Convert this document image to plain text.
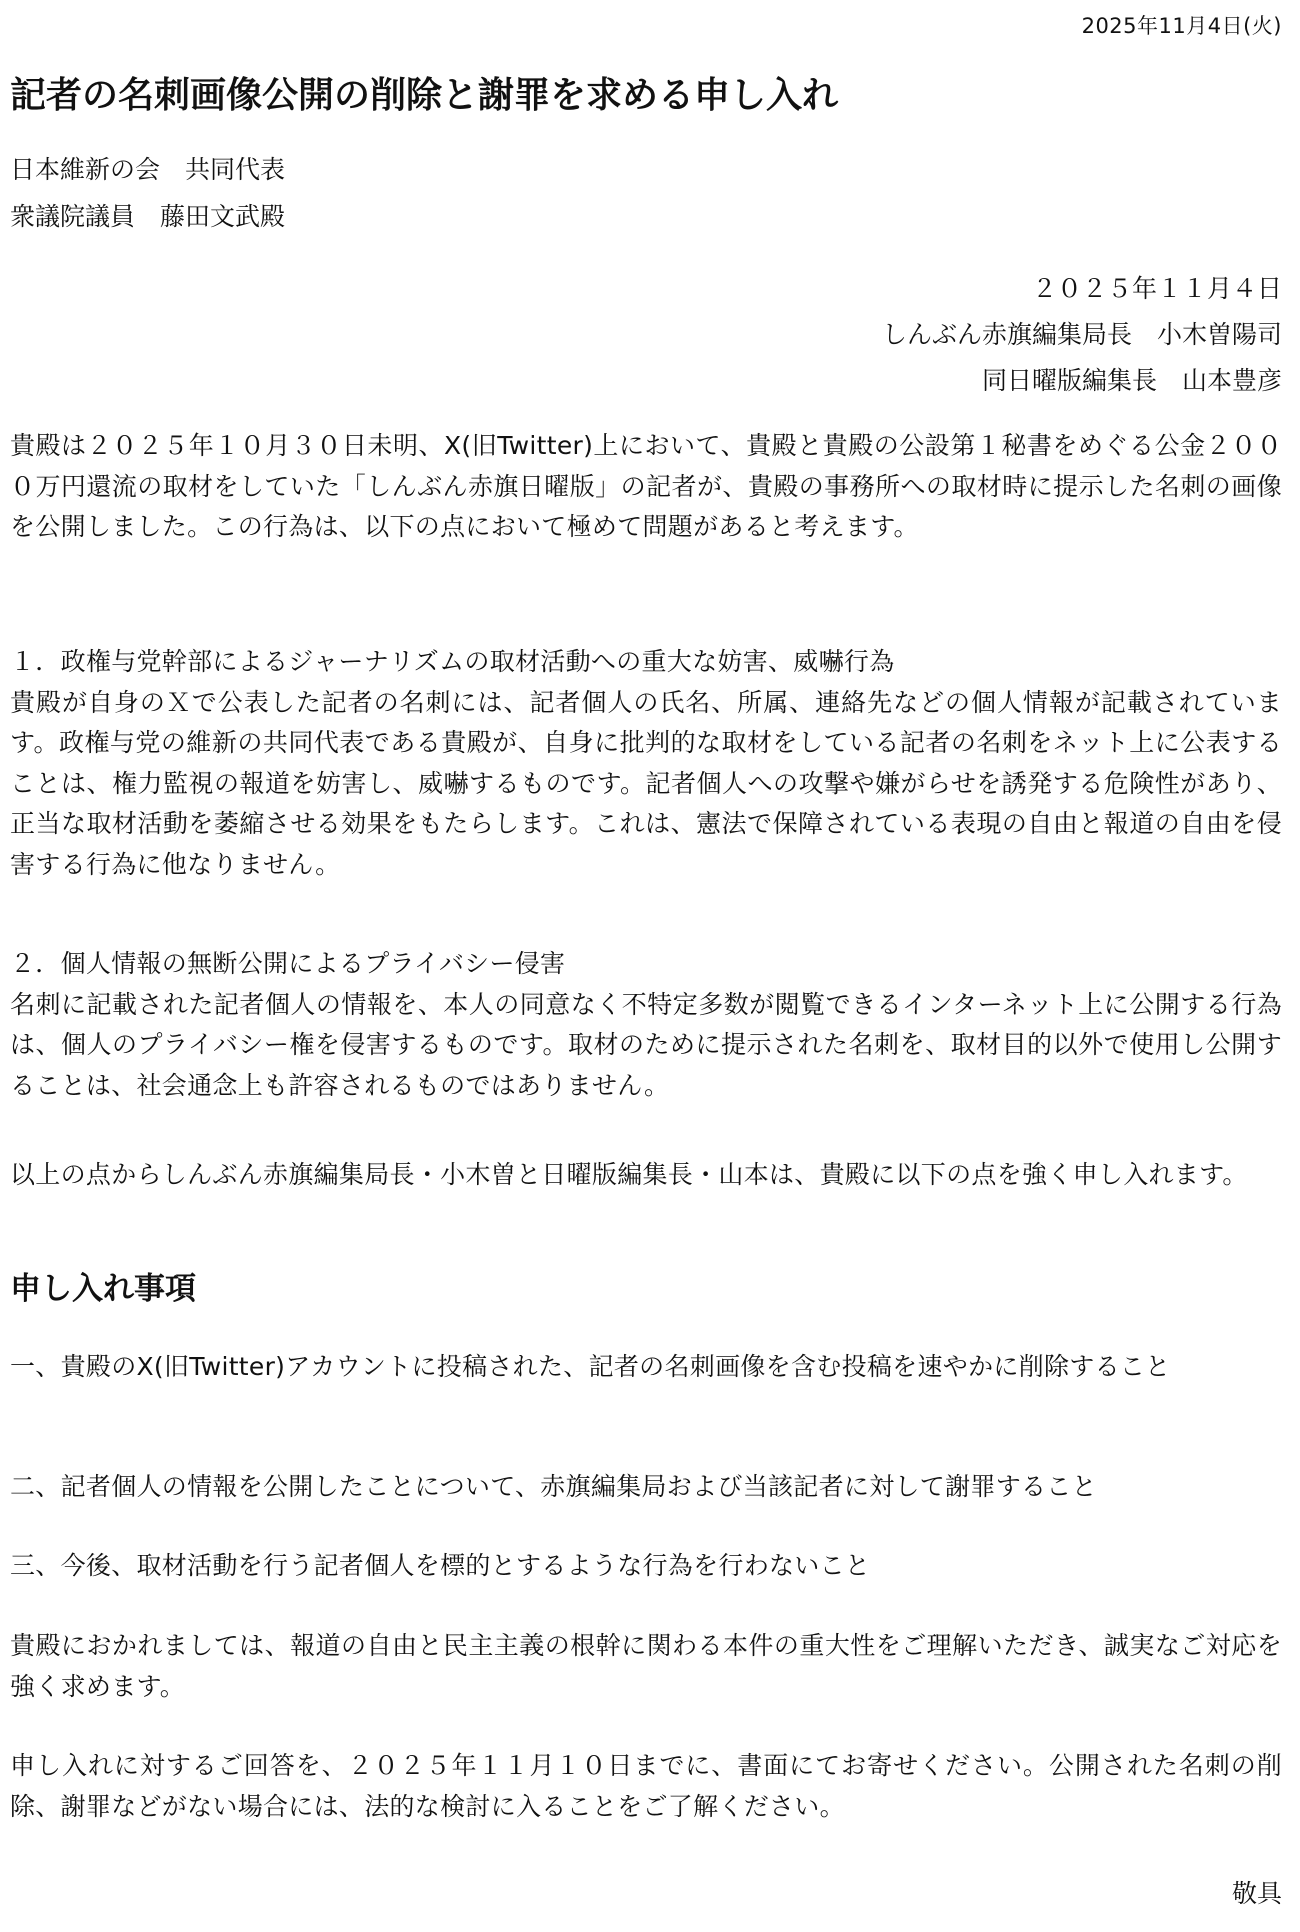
2025年11月4日(火)
記者の名刺画像公開の削除と謝罪を求める申し入れ
日本維新の会　共同代表
衆議院議員　藤田文武殿
２０２５年１１月４日
しんぶん赤旗編集局長　小木曽陽司
同日曜版編集長　山本豊彦
貴殿は２０２５年１０月３０日未明、X(旧Twitter)上において、貴殿と貴殿の公設第１秘書をめぐる公金２０００万円還流の取材をしていた「しんぶん赤旗日曜版」の記者が、貴殿の事務所への取材時に提示した名刺の画像を公開しました。この行為は、以下の点において極めて問題があると考えます。
１．政権与党幹部によるジャーナリズムの取材活動への重大な妨害、威嚇行為
貴殿が自身のＸで公表した記者の名刺には、記者個人の氏名、所属、連絡先などの個人情報が記載されています。政権与党の維新の共同代表である貴殿が、自身に批判的な取材をしている記者の名刺をネット上に公表することは、権力監視の報道を妨害し、威嚇するものです。記者個人への攻撃や嫌がらせを誘発する危険性があり、正当な取材活動を萎縮させる効果をもたらします。これは、憲法で保障されている表現の自由と報道の自由を侵害する行為に他なりません。
２．個人情報の無断公開によるプライバシー侵害
名刺に記載された記者個人の情報を、本人の同意なく不特定多数が閲覧できるインターネット上に公開する行為は、個人のプライバシー権を侵害するものです。取材のために提示された名刺を、取材目的以外で使用し公開することは、社会通念上も許容されるものではありません。
以上の点からしんぶん赤旗編集局長・小木曽と日曜版編集長・山本は、貴殿に以下の点を強く申し入れます。
申し入れ事項
一、貴殿のX(旧Twitter)アカウントに投稿された、記者の名刺画像を含む投稿を速やかに削除すること
二、記者個人の情報を公開したことについて、赤旗編集局および当該記者に対して謝罪すること
三、今後、取材活動を行う記者個人を標的とするような行為を行わないこと
貴殿におかれましては、報道の自由と民主主義の根幹に関わる本件の重大性をご理解いただき、誠実なご対応を強く求めます。
申し入れに対するご回答を、２０２５年１１月１０日までに、書面にてお寄せください。公開された名刺の削除、謝罪などがない場合には、法的な検討に入ることをご了解ください。
敬具
